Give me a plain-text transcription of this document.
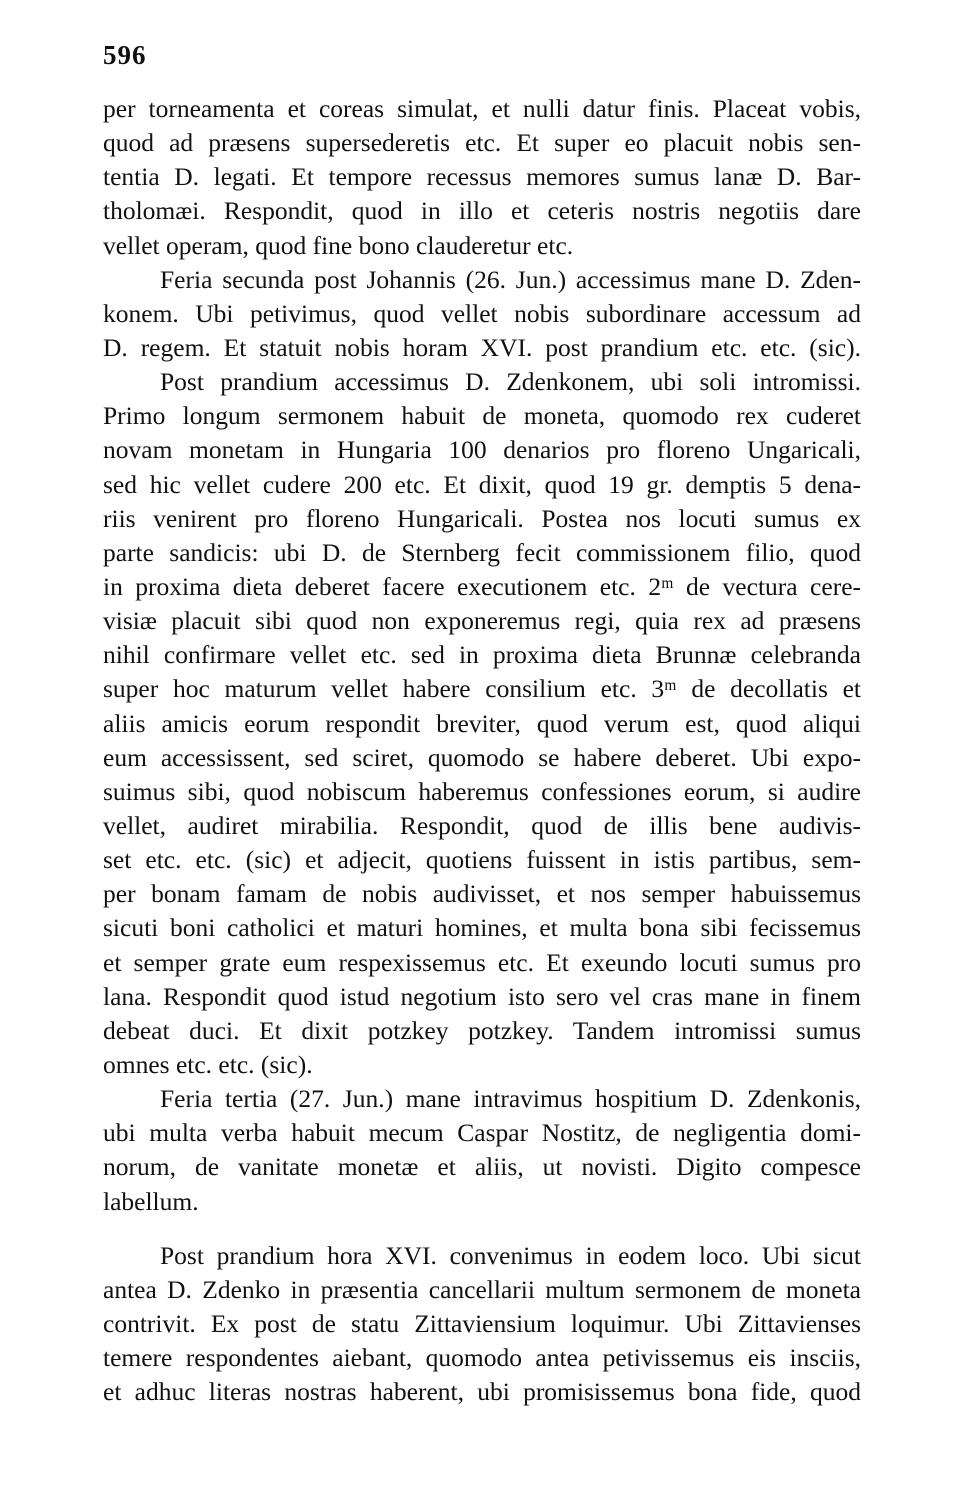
596
per torneamenta et coreas simulat, et nulli datur finis. Placeat vobis,
quod ad præsens supersederetis etc. Et super eo placuit nobis sen-
tentia D. legati. Et tempore recessus memores sumus lanæ D. Bar-
tholomæi. Respondit, quod in illo et ceteris nostris negotiis dare
vellet operam, quod fine bono clauderetur etc.
Feria secunda post Johannis (26. Jun.) accessimus mane D. Zden-
konem. Ubi petivimus, quod vellet nobis subordinare accessum ad
D. regem. Et statuit nobis horam XVI. post prandium etc. etc. (sic).
Post prandium accessimus D. Zdenkonem, ubi soli intromissi.
Primo longum sermonem habuit de moneta, quomodo rex cuderet
novam monetam in Hungaria 100 denarios pro floreno Ungaricali,
sed hic vellet cudere 200 etc. Et dixit, quod 19 gr. demptis 5 dena-
riis venirent pro floreno Hungaricali. Postea nos locuti sumus ex
parte sandicis: ubi D. de Sternberg fecit commissionem filio, quod
in proxima dieta deberet facere executionem etc. 2ᵐ de vectura cere-
visiæ placuit sibi quod non exponeremus regi, quia rex ad præsens
nihil confirmare vellet etc. sed in proxima dieta Brunnæ celebranda
super hoc maturum vellet habere consilium etc. 3ᵐ de decollatis et
aliis amicis eorum respondit breviter, quod verum est, quod aliqui
eum accessissent, sed sciret, quomodo se habere deberet. Ubi expo-
suimus sibi, quod nobiscum haberemus confessiones eorum, si audire
vellet, audiret mirabilia. Respondit, quod de illis bene audivis-
set etc. etc. (sic) et adjecit, quotiens fuissent in istis partibus, sem-
per bonam famam de nobis audivisset, et nos semper habuissemus
sicuti boni catholici et maturi homines, et multa bona sibi fecissemus
et semper grate eum respexissemus etc. Et exeundo locuti sumus pro
lana. Respondit quod istud negotium isto sero vel cras mane in finem
debeat duci. Et dixit potzkey potzkey. Tandem intromissi sumus
omnes etc. etc. (sic).
Feria tertia (27. Jun.) mane intravimus hospitium D. Zdenkonis,
ubi multa verba habuit mecum Caspar Nostitz, de negligentia domi-
norum, de vanitate monetæ et aliis, ut novisti. Digito compesce
labellum.
Post prandium hora XVI. convenimus in eodem loco. Ubi sicut
antea D. Zdenko in præsentia cancellarii multum sermonem de moneta
contrivit. Ex post de statu Zittaviensium loquimur. Ubi Zittavienses
temere respondentes aiebant, quomodo antea petivissemus eis insciis,
et adhuc literas nostras haberent, ubi promisissemus bona fide, quod
